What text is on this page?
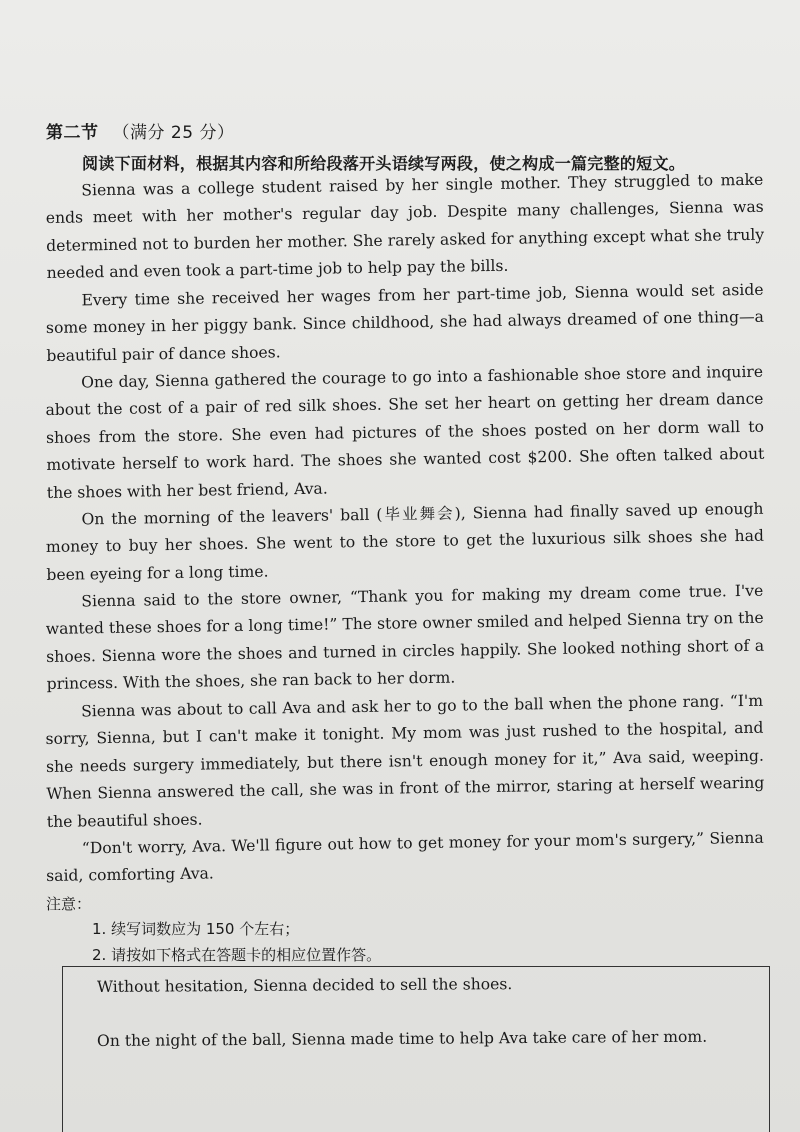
第二节 （满分 25 分）
阅读下面材料，根据其内容和所给段落开头语续写两段，使之构成一篇完整的短文。

Sienna was a college student raised by her single mother. They struggled to make ends meet with her mother's regular day job. Despite many challenges, Sienna was determined not to burden her mother. She rarely asked for anything except what she truly needed and even took a part-time job to help pay the bills.

Every time she received her wages from her part-time job, Sienna would set aside some money in her piggy bank. Since childhood, she had always dreamed of one thing—a beautiful pair of dance shoes.

One day, Sienna gathered the courage to go into a fashionable shoe store and inquire about the cost of a pair of red silk shoes. She set her heart on getting her dream dance shoes from the store. She even had pictures of the shoes posted on her dorm wall to motivate herself to work hard. The shoes she wanted cost $200. She often talked about the shoes with her best friend, Ava.

On the morning of the leavers' ball (毕业舞会), Sienna had finally saved up enough money to buy her shoes. She went to the store to get the luxurious silk shoes she had been eyeing for a long time.

Sienna said to the store owner, “Thank you for making my dream come true. I've wanted these shoes for a long time!” The store owner smiled and helped Sienna try on the shoes. Sienna wore the shoes and turned in circles happily. She looked nothing short of a princess. With the shoes, she ran back to her dorm.

Sienna was about to call Ava and ask her to go to the ball when the phone rang. “I'm sorry, Sienna, but I can't make it tonight. My mom was just rushed to the hospital, and she needs surgery immediately, but there isn't enough money for it,” Ava said, weeping. When Sienna answered the call, she was in front of the mirror, staring at herself wearing the beautiful shoes.

“Don't worry, Ava. We'll figure out how to get money for your mom's surgery,” Sienna said, comforting Ava.

注意：
1. 续写词数应为 150 个左右；
2. 请按如下格式在答题卡的相应位置作答。

Without hesitation, Sienna decided to sell the shoes.

On the night of the ball, Sienna made time to help Ava take care of her mom.
